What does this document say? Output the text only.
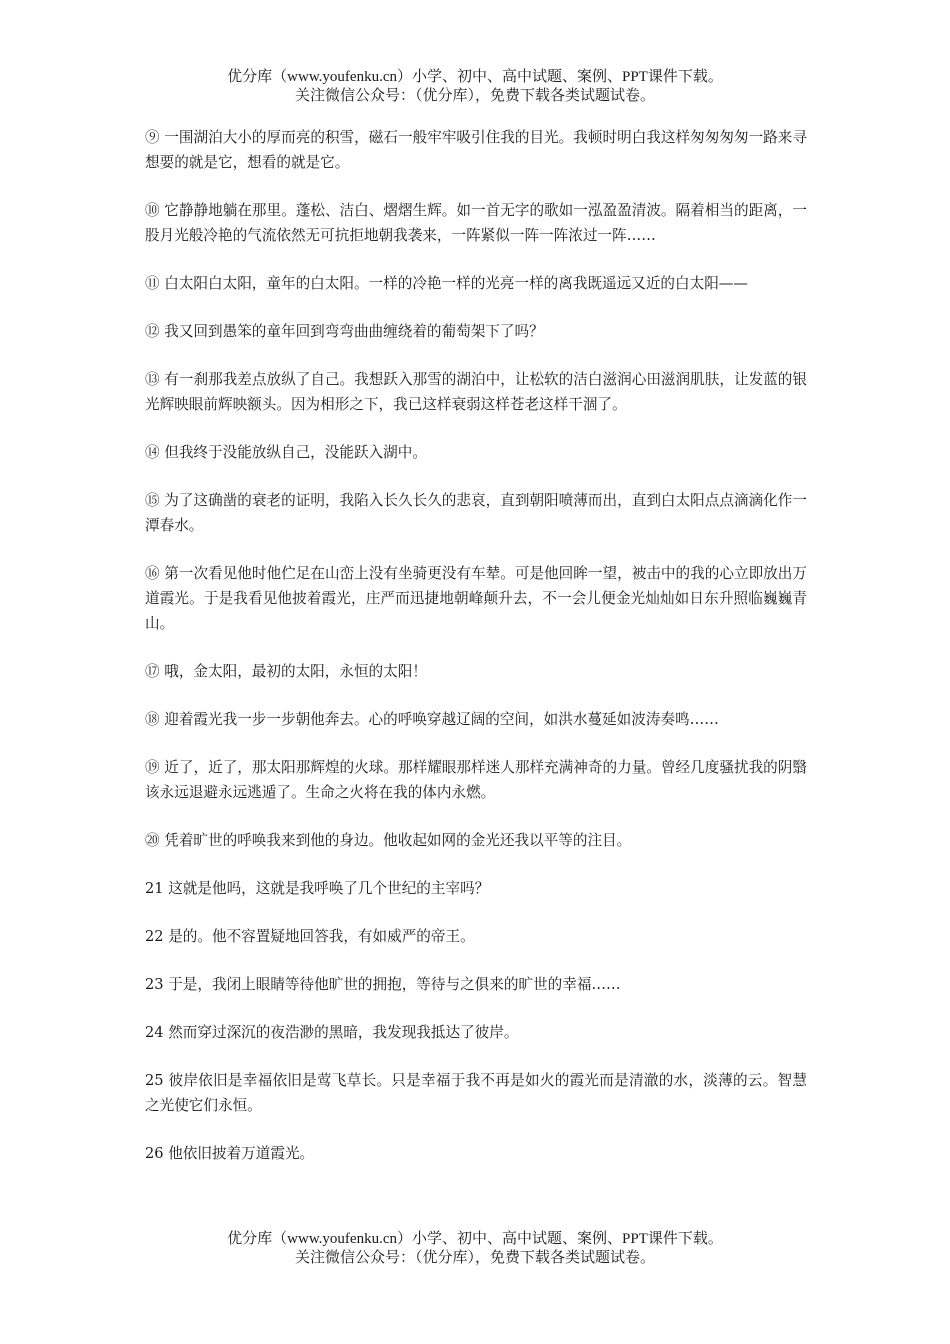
优分库（www.youfenku.cn）小学、初中、高中试题、案例、PPT课件下载。
关注微信公众号：（优分库），免费下载各类试题试卷。

⑨ 一围湖泊大小的厚而亮的积雪，磁石一般牢牢吸引住我的目光。我顿时明白我这样匆匆匆匆一路来寻想要的就是它，想看的就是它。

⑩ 它静静地躺在那里。蓬松、洁白、熠熠生辉。如一首无字的歌如一泓盈盈清波。隔着相当的距离，一股月光般冷艳的气流依然无可抗拒地朝我袭来，一阵紧似一阵一阵浓过一阵……

⑪ 白太阳白太阳，童年的白太阳。一样的冷艳一样的光亮一样的离我既遥远又近的白太阳——

⑫ 我又回到愚笨的童年回到弯弯曲曲缠绕着的葡萄架下了吗？

⑬ 有一刹那我差点放纵了自己。我想跃入那雪的湖泊中，让松软的洁白滋润心田滋润肌肤，让发蓝的银光辉映眼前辉映额头。因为相形之下，我已这样衰弱这样苍老这样干涸了。

⑭ 但我终于没能放纵自己，没能跃入湖中。

⑮ 为了这确凿的衰老的证明，我陷入长久长久的悲哀，直到朝阳喷薄而出，直到白太阳点点滴滴化作一潭春水。

⑯ 第一次看见他时他伫足在山峦上没有坐骑更没有车辇。可是他回眸一望，被击中的我的心立即放出万道霞光。于是我看见他披着霞光，庄严而迅捷地朝峰颠升去，不一会儿便金光灿灿如日东升照临巍巍青山。

⑰ 哦，金太阳，最初的太阳，永恒的太阳！

⑱ 迎着霞光我一步一步朝他奔去。心的呼唤穿越辽阔的空间，如洪水蔓延如波涛奏鸣……

⑲ 近了，近了，那太阳那辉煌的火球。那样耀眼那样迷人那样充满神奇的力量。曾经几度骚扰我的阴翳该永远退避永远逃遁了。生命之火将在我的体内永燃。

⑳ 凭着旷世的呼唤我来到他的身边。他收起如网的金光还我以平等的注目。

21 这就是他吗，这就是我呼唤了几个世纪的主宰吗？

22 是的。他不容置疑地回答我，有如威严的帝王。

23 于是，我闭上眼睛等待他旷世的拥抱，等待与之俱来的旷世的幸福……

24 然而穿过深沉的夜浩渺的黑暗，我发现我抵达了彼岸。

25 彼岸依旧是幸福依旧是莺飞草长。只是幸福于我不再是如火的霞光而是清澈的水，淡薄的云。智慧之光使它们永恒。

26 他依旧披着万道霞光。

优分库（www.youfenku.cn）小学、初中、高中试题、案例、PPT课件下载。
关注微信公众号：（优分库），免费下载各类试题试卷。
